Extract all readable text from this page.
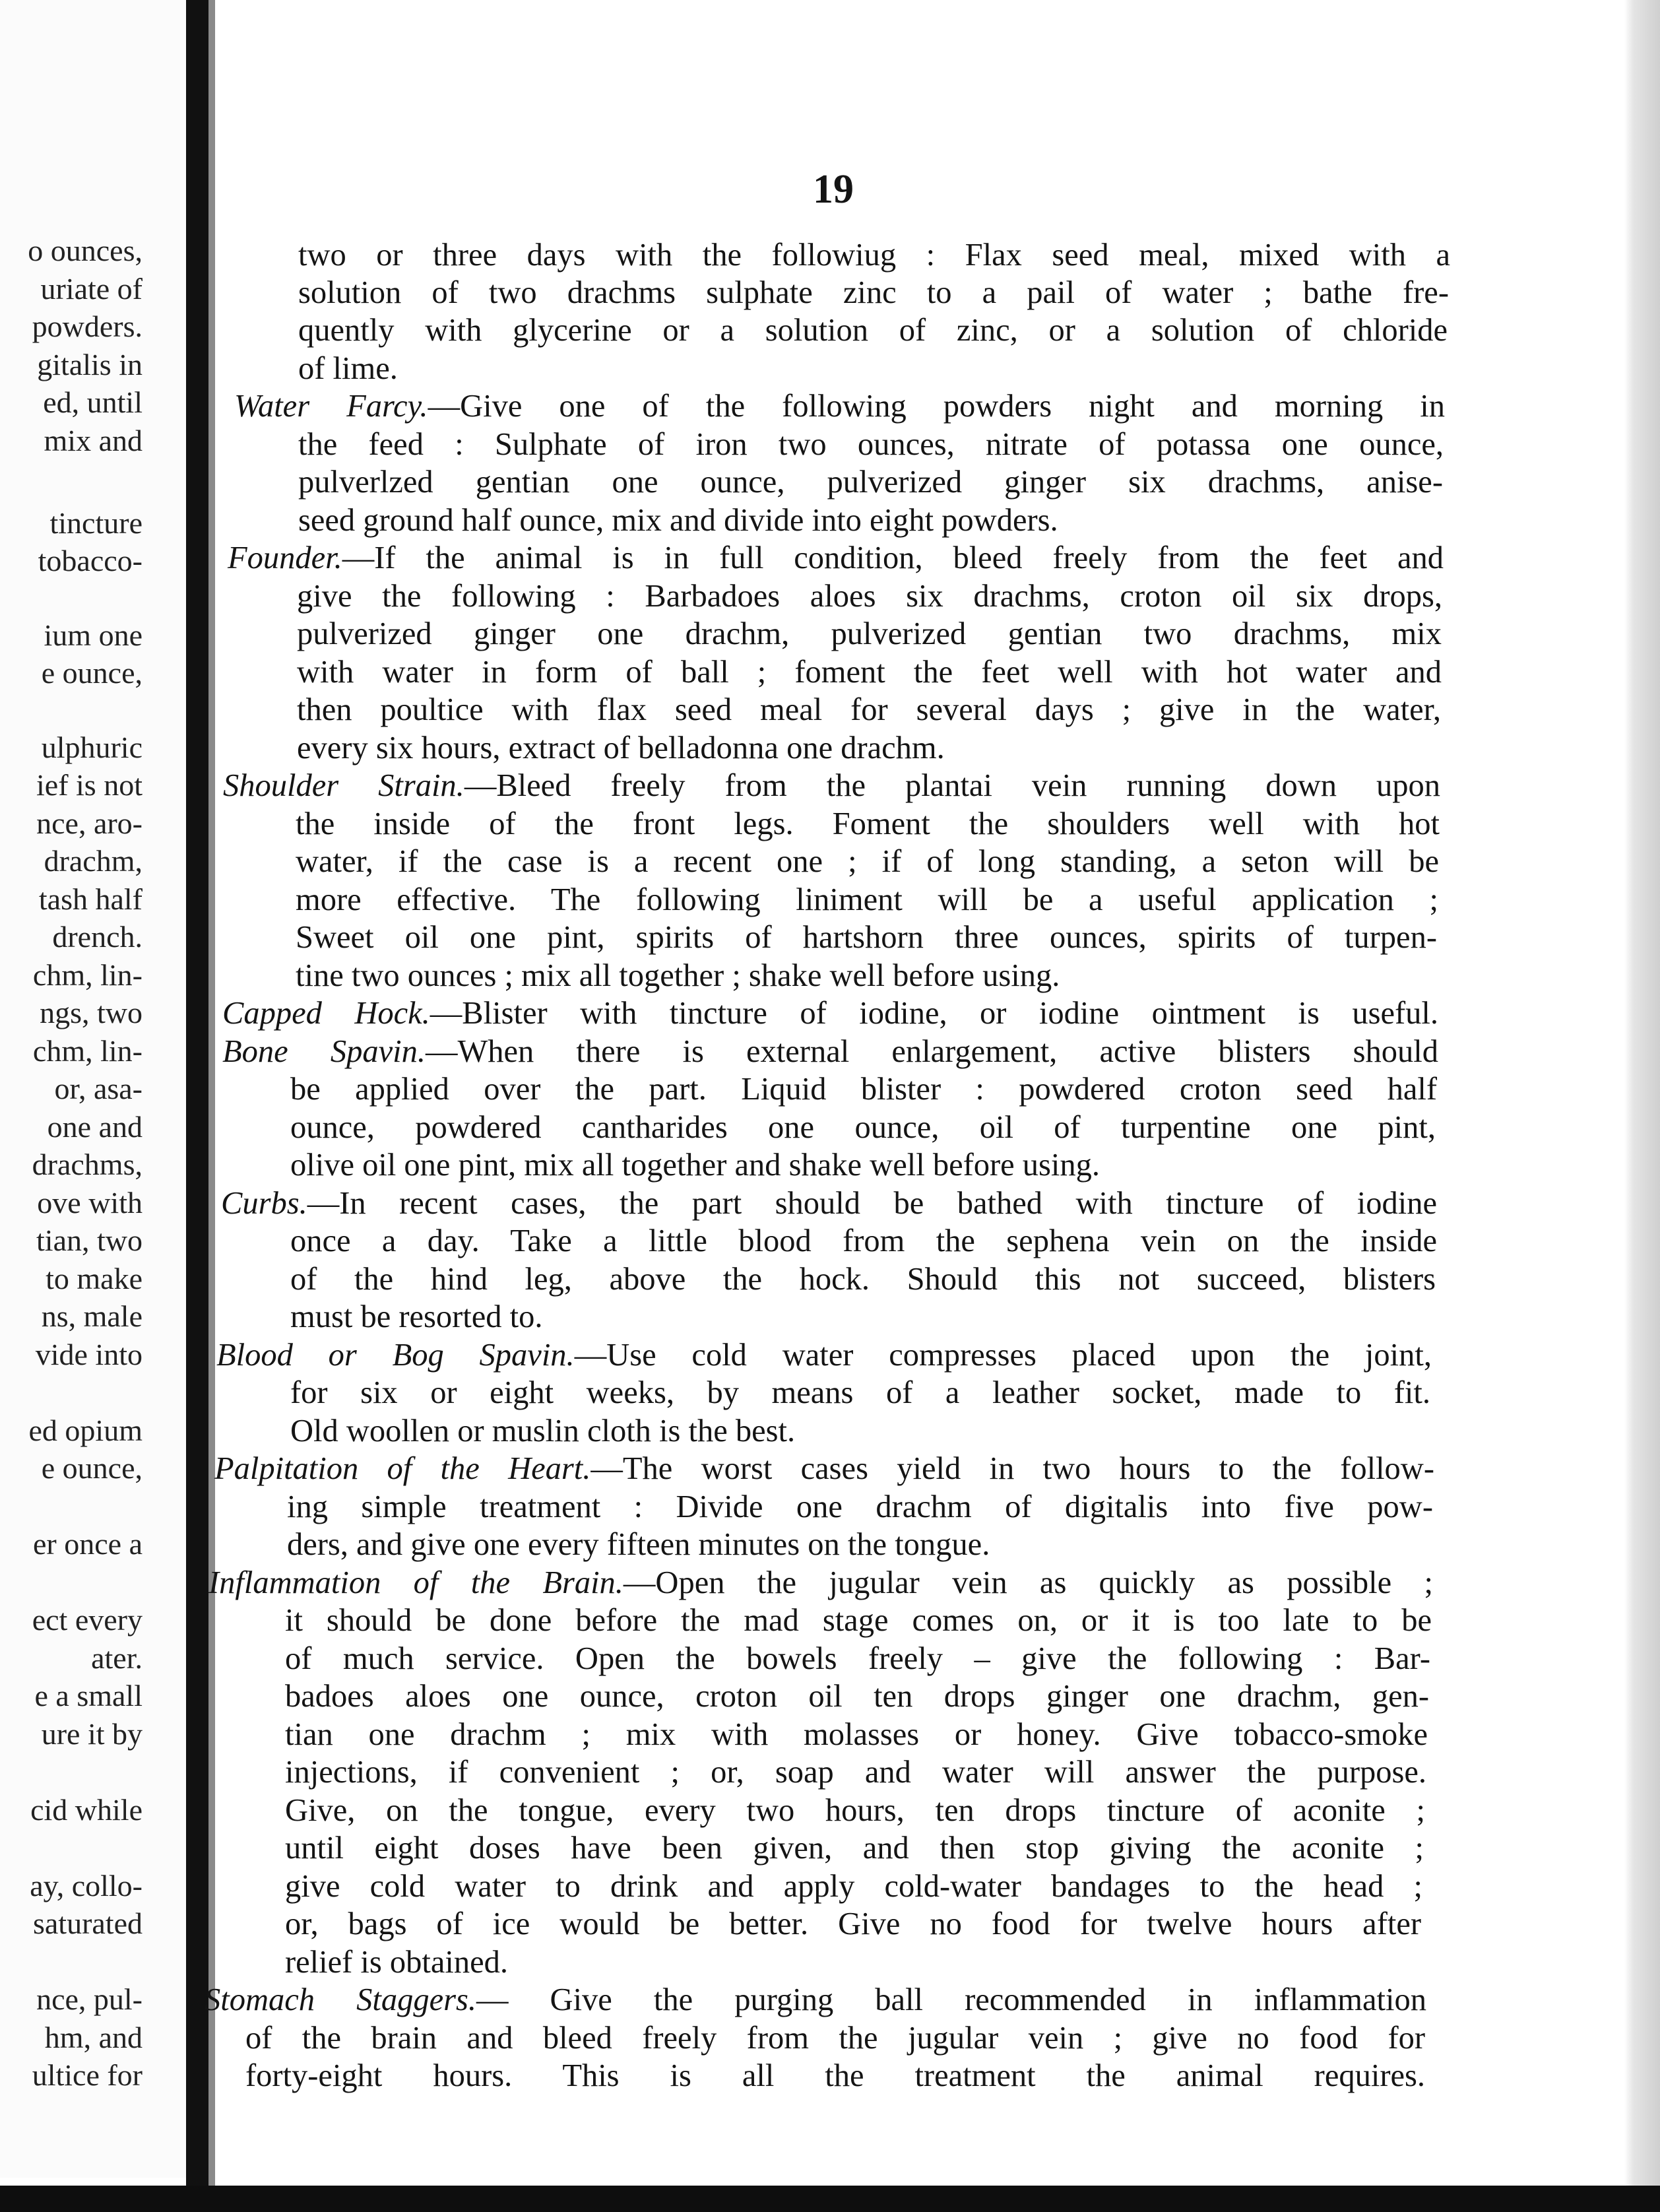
o ounces,
uriate of
powders.
gitalis in
ed, until
mix and
tincture
tobacco-
ium one
e ounce,
ulphuric
ief is not
nce, aro-
drachm,
tash half
drench.
chm, lin-
ngs, two
chm, lin-
or, asa-
one and
drachms,
ove with
tian, two
to make
ns, male
vide into
ed opium
e ounce,
er once a
ect every
ater.
e a small
ure it by
cid while
ay, collo-
saturated
nce, pul-
hm, and
ultice for
19
two or three days with the followiug : Flax seed meal, mixed with a
solution of two drachms sulphate zinc to a pail of water ; bathe fre-
quently with glycerine or a solution of zinc, or a solution of chloride
of lime.
Water Farcy.—Give one of the following powders night and morning in
the feed : Sulphate of iron two ounces, nitrate of potassa one ounce,
pulverlzed gentian one ounce, pulverized ginger six drachms, anise-
seed ground half ounce, mix and divide into eight powders.
Founder.—If the animal is in full condition, bleed freely from the feet and
give the following : Barbadoes aloes six drachms, croton oil six drops,
pulverized ginger one drachm, pulverized gentian two drachms, mix
with water in form of ball ; foment the feet well with hot water and
then poultice with flax seed meal for several days ; give in the water,
every six hours, extract of belladonna one drachm.
Shoulder Strain.—Bleed freely from the plantai vein running down upon
the inside of the front legs. Foment the shoulders well with hot
water, if the case is a recent one ; if of long standing, a seton will be
more effective. The following liniment will be a useful application ;
Sweet oil one pint, spirits of hartshorn three ounces, spirits of turpen-
tine two ounces ; mix all together ; shake well before using.
Capped Hock.—Blister with tincture of iodine, or iodine ointment is useful.
Bone Spavin.—When there is external enlargement, active blisters should
be applied over the part. Liquid blister : powdered croton seed half
ounce, powdered cantharides one ounce, oil of turpentine one pint,
olive oil one pint, mix all together and shake well before using.
Curbs.—In recent cases, the part should be bathed with tincture of iodine
once a day. Take a little blood from the sephena vein on the inside
of the hind leg, above the hock. Should this not succeed, blisters
must be resorted to.
Blood or Bog Spavin.—Use cold water compresses placed upon the joint,
for six or eight weeks, by means of a leather socket, made to fit.
Old woollen or muslin cloth is the best.
Palpitation of the Heart.—The worst cases yield in two hours to the follow-
ing simple treatment : Divide one drachm of digitalis into five pow-
ders, and give one every fifteen minutes on the tongue.
Inflammation of the Brain.—Open the jugular vein as quickly as possible ;
it should be done before the mad stage comes on, or it is too late to be
of much service. Open the bowels freely – give the following : Bar-
badoes aloes one ounce, croton oil ten drops ginger one drachm, gen-
tian one drachm ; mix with molasses or honey. Give tobacco-smoke
injections, if convenient ; or, soap and water will answer the purpose.
Give, on the tongue, every two hours, ten drops tincture of aconite ;
until eight doses have been given, and then stop giving the aconite ;
give cold water to drink and apply cold-water bandages to the head ;
or, bags of ice would be better. Give no food for twelve hours after
relief is obtained.
Stomach Staggers.— Give the purging ball recommended in inflammation
of the brain and bleed freely from the jugular vein ; give no food for
forty-eight hours. This is all the treatment the animal requires.
